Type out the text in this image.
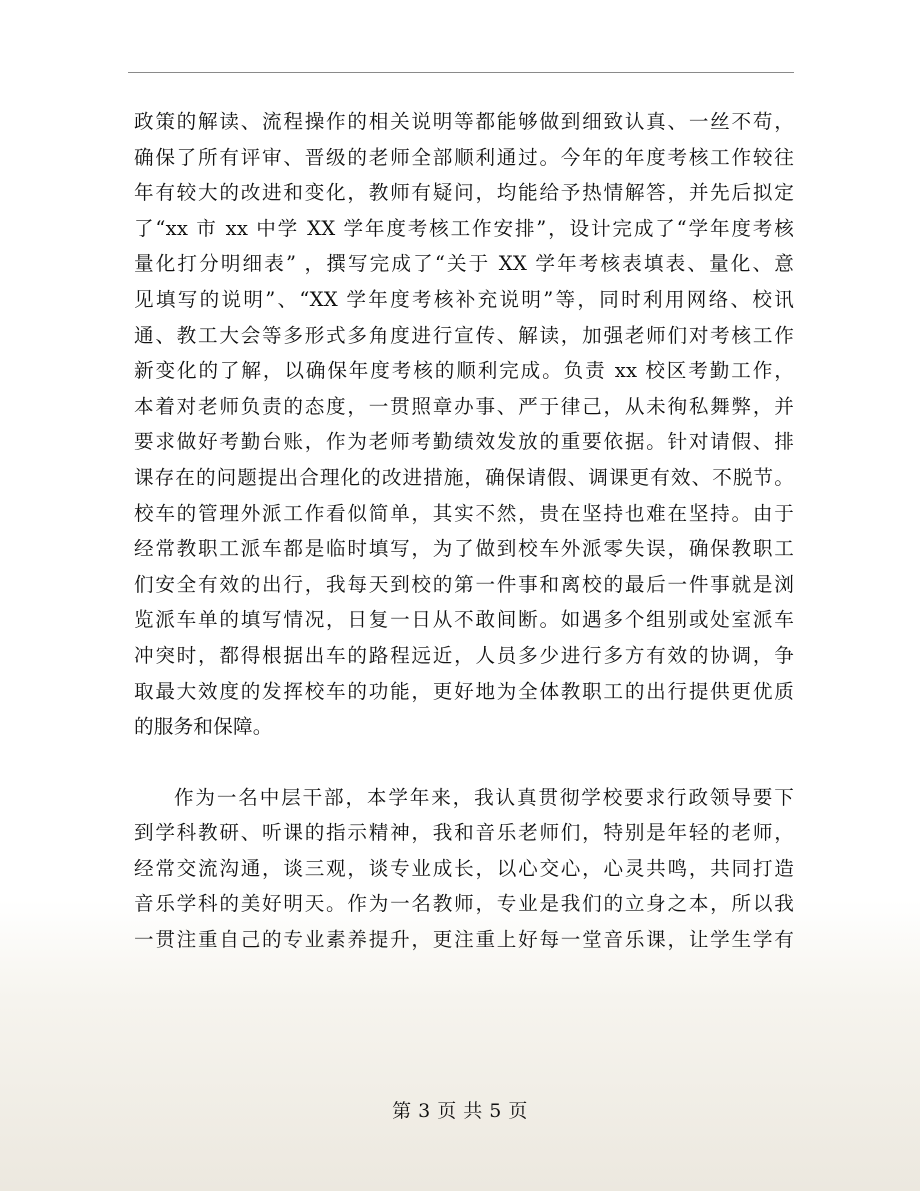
政策的解读、流程操作的相关说明等都能够做到细致认真、一丝不苟，
确保了所有评审、晋级的老师全部顺利通过。今年的年度考核工作较往
年有较大的改进和变化，教师有疑问，均能给予热情解答，并先后拟定
了“xx 市 xx 中学 XX 学年度考核工作安排”，设计完成了“学年度考核
量化打分明细表” ，撰写完成了“关于 XX 学年考核表填表、量化、意
见填写的说明”、“XX 学年度考核补充说明”等，同时利用网络、校讯
通、教工大会等多形式多角度进行宣传、解读，加强老师们对考核工作
新变化的了解，以确保年度考核的顺利完成。负责 xx 校区考勤工作，
本着对老师负责的态度，一贯照章办事、严于律己，从未徇私舞弊，并
要求做好考勤台账，作为老师考勤绩效发放的重要依据。针对请假、排
课存在的问题提出合理化的改进措施，确保请假、调课更有效、不脱节。
校车的管理外派工作看似简单，其实不然，贵在坚持也难在坚持。由于
经常教职工派车都是临时填写，为了做到校车外派零失误，确保教职工
们安全有效的出行，我每天到校的第一件事和离校的最后一件事就是浏
览派车单的填写情况，日复一日从不敢间断。如遇多个组别或处室派车
冲突时，都得根据出车的路程远近，人员多少进行多方有效的协调，争
取最大效度的发挥校车的功能，更好地为全体教职工的出行提供更优质
的服务和保障。
作为一名中层干部，本学年来，我认真贯彻学校要求行政领导要下
到学科教研、听课的指示精神，我和音乐老师们，特别是年轻的老师，
经常交流沟通，谈三观，谈专业成长，以心交心，心灵共鸣，共同打造
音乐学科的美好明天。作为一名教师，专业是我们的立身之本，所以我
一贯注重自己的专业素养提升，更注重上好每一堂音乐课，让学生学有
第 3 页 共 5 页
